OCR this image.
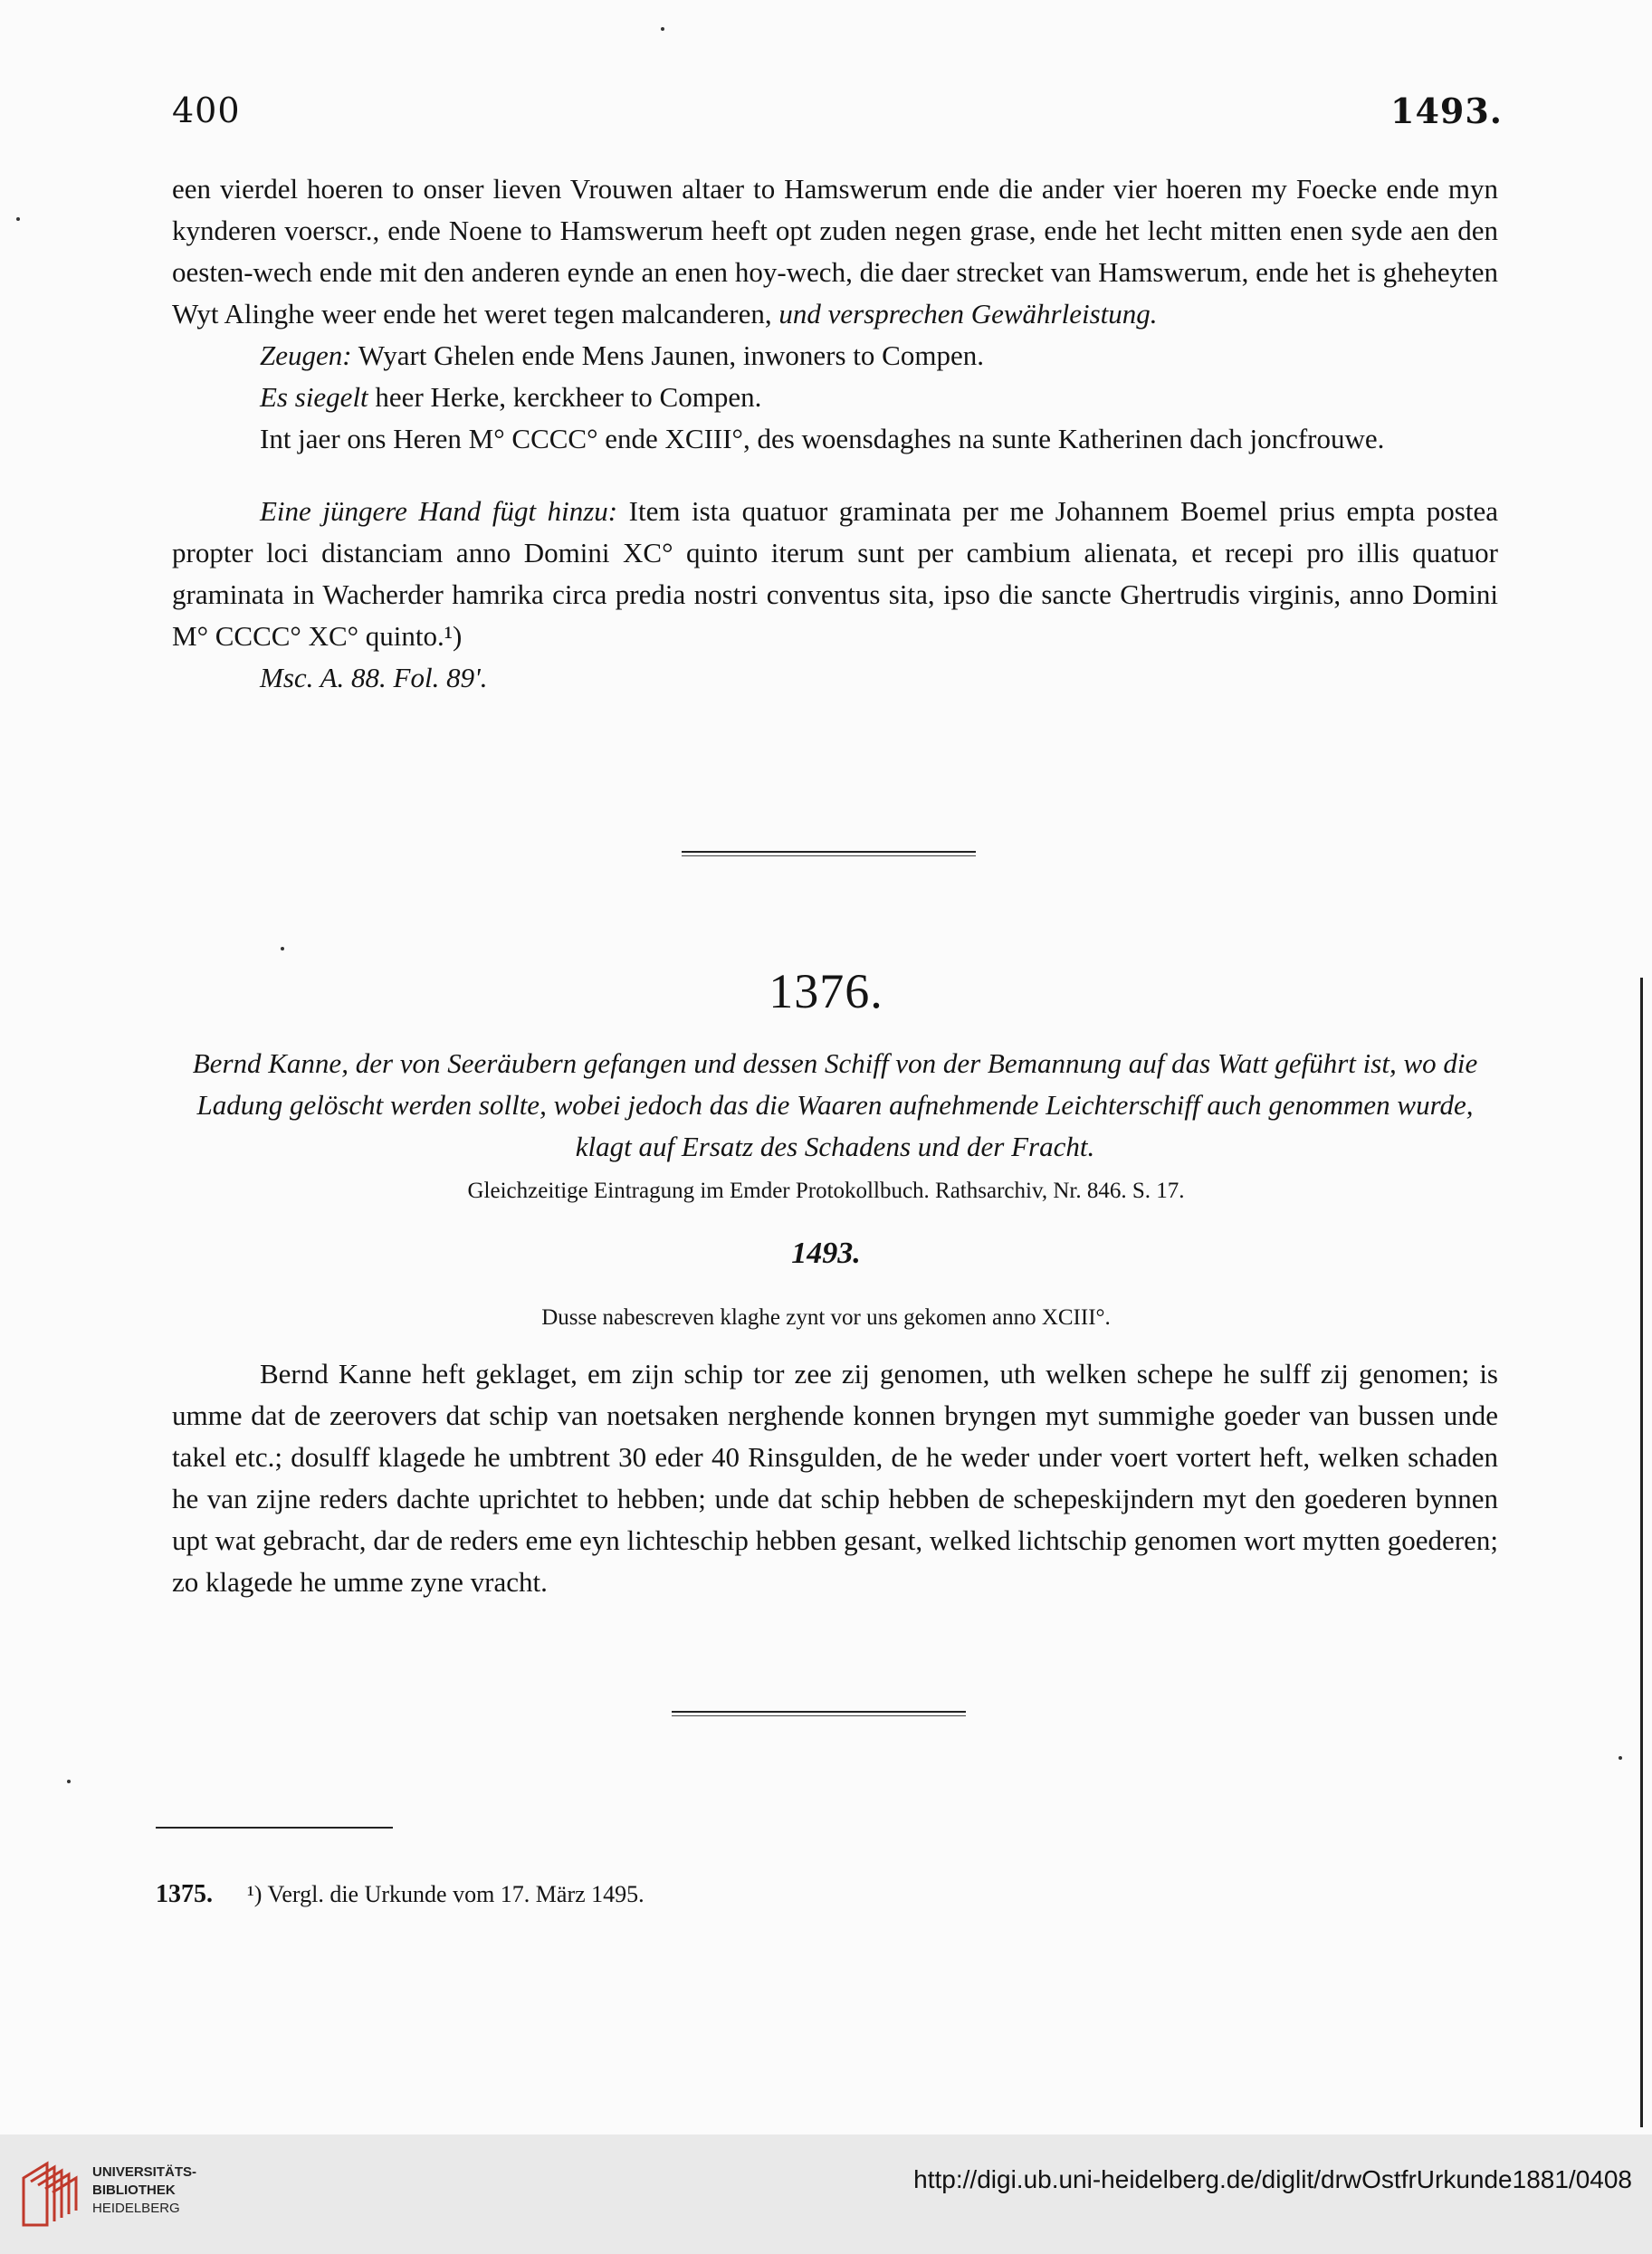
400	1493.

een vierdel hoeren to onser lieven Vrouwen altaer to Hamswerum ende die ander vier hoeren my Foecke ende myn kynderen voerscr., ende Noene to Hamswerum heeft opt zuden negen grase, ende het lecht mitten enen syde aen den oesten-wech ende mit den anderen eynde an enen hoy-wech, die daer strecket van Hamswerum, ende het is gheheyten Wyt Alinghe weer ende het weret tegen malcanderen, und versprechen Gewährleistung.

Zeugen: Wyart Ghelen ende Mens Jaunen, inwoners to Compen.

Es siegelt heer Herke, kerckheer to Compen.

Int jaer ons Heren M° CCCC° ende XCIII°, des woensdaghes na sunte Katherinen dach joncfrouwe.

Eine jüngere Hand fügt hinzu: Item ista quatuor graminata per me Johannem Boemel prius empta postea propter loci distanciam anno Domini XC° quinto iterum sunt per cambium alienata, et recepi pro illis quatuor graminata in Wacherder hamrika circa predia nostri conventus sita, ipso die sancte Ghertrudis virginis, anno Domini M° CCCC° XC° quinto.¹)

Msc. A. 88. Fol. 89'.

1376.
Bernd Kanne, der von Seeräubern gefangen und dessen Schiff von der Bemannung auf das Watt geführt ist, wo die Ladung gelöscht werden sollte, wobei jedoch das die Waaren aufnehmende Leichterschiff auch genommen wurde, klagt auf Ersatz des Schadens und der Fracht.
Gleichzeitige Eintragung im Emder Protokollbuch. Rathsarchiv, Nr. 846. S. 17.
1493.
Dusse nabescreven klaghe zynt vor uns gekomen anno XCIII°.

Bernd Kanne heft geklaget, em zijn schip tor zee zij genomen, uth welken schepe he sulff zij genomen; is umme dat de zeerovers dat schip van noetsaken nerghende konnen bryngen myt summighe goeder van bussen unde takel etc.; dosulff klagede he umbtrent 30 eder 40 Rinsgulden, de he weder under voert vortert heft, welken schaden he van zijne reders dachte uprichtet to hebben; unde dat schip hebben de schepeskijndern myt den goederen bynnen upt wat gebracht, dar de reders eme eyn lichteschip hebben gesant, welked lichtschip genomen wort mytten goederen; zo klagede he umme zyne vracht.

1375. ¹) Vergl. die Urkunde vom 17. März 1495.
UNIVERSITÄTS-
BIBLIOTHEK
HEIDELBERG
http://digi.ub.uni-heidelberg.de/diglit/drwOstfrUrkunde1881/0408
